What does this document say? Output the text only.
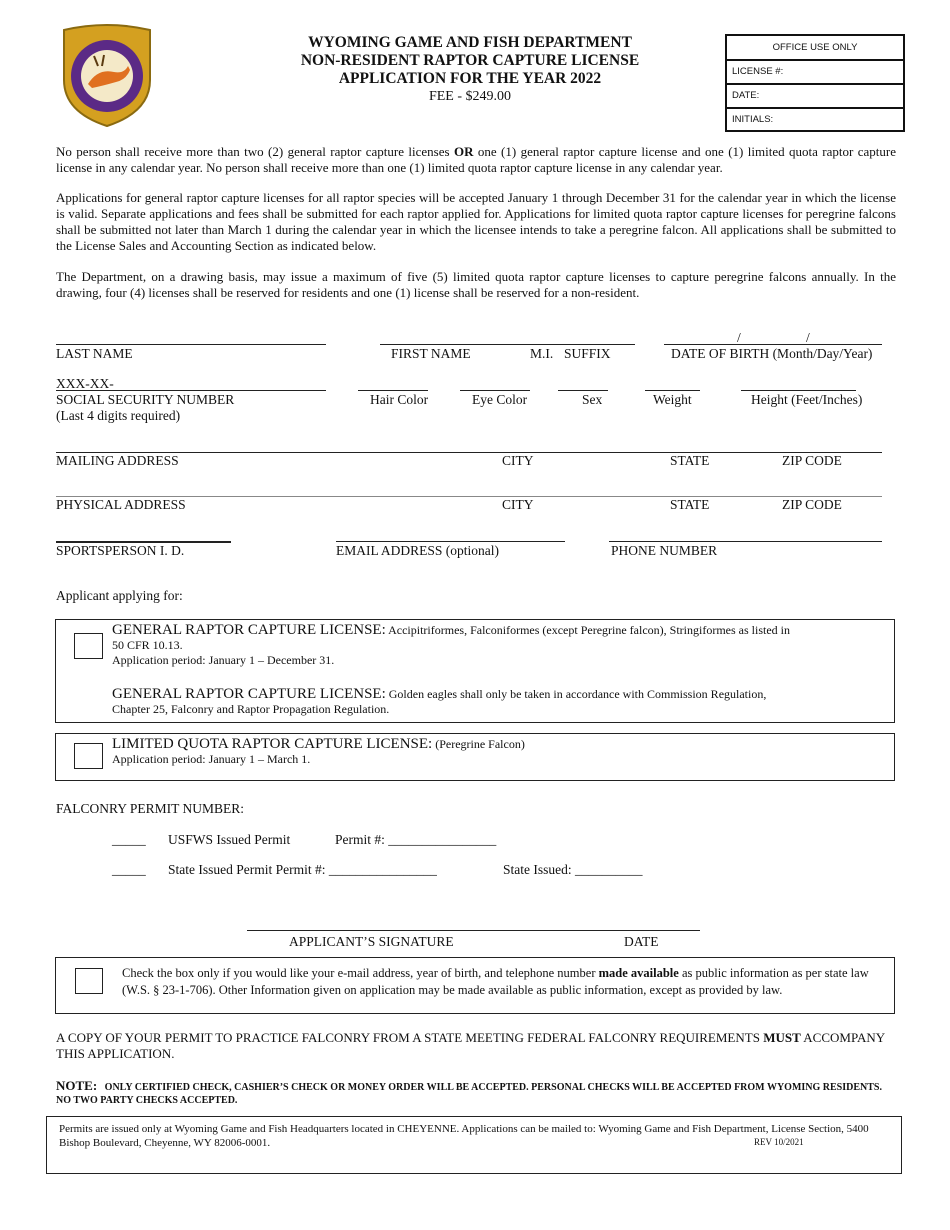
WYOMING GAME AND FISH DEPARTMENT
NON-RESIDENT RAPTOR CAPTURE LICENSE
APPLICATION FOR THE YEAR 2022
FEE - $249.00
OFFICE USE ONLY
LICENSE #:
DATE:
INITIALS:
No person shall receive more than two (2) general raptor capture licenses OR one (1) general raptor capture license and one (1) limited quota raptor capture license in any calendar year. No person shall receive more than one (1) limited quota raptor capture license in any calendar year.
Applications for general raptor capture licenses for all raptor species will be accepted January 1 through December 31 for the calendar year in which the license is valid. Separate applications and fees shall be submitted for each raptor applied for. Applications for limited quota raptor capture licenses for peregrine falcons shall be submitted not later than March 1 during the calendar year in which the licensee intends to take a peregrine falcon. All applications shall be submitted to the License Sales and Accounting Section as indicated below.
The Department, on a drawing basis, may issue a maximum of five (5) limited quota raptor capture licenses to capture peregrine falcons annually. In the drawing, four (4) licenses shall be reserved for residents and one (1) license shall be reserved for a non-resident.
/	/
LAST NAME	FIRST NAME	M.I. SUFFIX	DATE OF BIRTH (Month/Day/Year)
XXX-XX-
SOCIAL SECURITY NUMBER
(Last 4 digits required)
Hair Color	Eye Color	Sex	Weight	Height (Feet/Inches)
MAILING ADDRESS	CITY	STATE	ZIP CODE
PHYSICAL ADDRESS	CITY	STATE	ZIP CODE
SPORTSPERSON I. D.	EMAIL ADDRESS (optional)	PHONE NUMBER
Applicant applying for:
GENERAL RAPTOR CAPTURE LICENSE: Accipitriformes, Falconiformes (except Peregrine falcon), Stringiformes as listed in 50 CFR 10.13.
Application period: January 1 – December 31.
GENERAL RAPTOR CAPTURE LICENSE: Golden eagles shall only be taken in accordance with Commission Regulation, Chapter 25, Falconry and Raptor Propagation Regulation.
LIMITED QUOTA RAPTOR CAPTURE LICENSE: (Peregrine Falcon)
Application period: January 1 – March 1.
FALCONRY PERMIT NUMBER:
_____ USFWS Issued Permit	Permit #: ________________
_____ State Issued Permit Permit #: ________________	State Issued: __________
APPLICANT’S SIGNATURE	DATE
Check the box only if you would like your e-mail address, year of birth, and telephone number made available as public information as per state law (W.S. § 23-1-706). Other Information given on application may be made available as public information, except as provided by law.
A COPY OF YOUR PERMIT TO PRACTICE FALCONRY FROM A STATE MEETING FEDERAL FALCONRY REQUIREMENTS MUST ACCOMPANY THIS APPLICATION.
NOTE: ONLY CERTIFIED CHECK, CASHIER’S CHECK OR MONEY ORDER WILL BE ACCEPTED. PERSONAL CHECKS WILL BE ACCEPTED FROM WYOMING RESIDENTS. NO TWO PARTY CHECKS ACCEPTED.
Permits are issued only at Wyoming Game and Fish Headquarters located in CHEYENNE. Applications can be mailed to: Wyoming Game and Fish Department, License Section, 5400 Bishop Boulevard, Cheyenne, WY 82006-0001.	REV 10/2021
